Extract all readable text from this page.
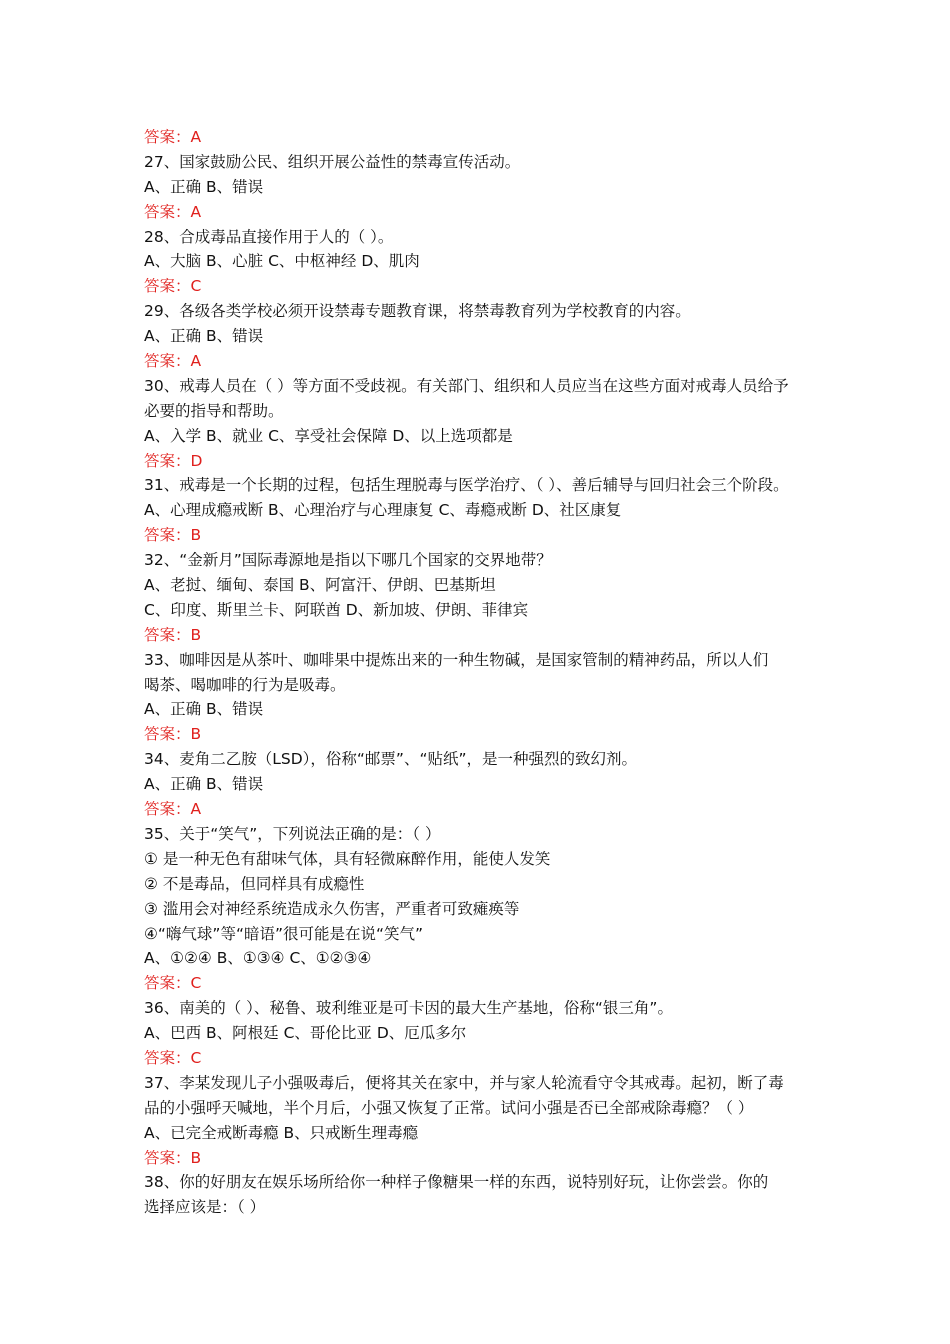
答案：A
27、国家鼓励公民、组织开展公益性的禁毒宣传活动。
A、正确 B、错误
答案：A
28、合成毒品直接作用于人的（ ）。
A、大脑 B、心脏 C、中枢神经 D、肌肉
答案：C
29、各级各类学校必须开设禁毒专题教育课，将禁毒教育列为学校教育的内容。
A、正确 B、错误
答案：A
30、戒毒人员在（ ）等方面不受歧视。有关部门、组织和人员应当在这些方面对戒毒人员给予
必要的指导和帮助。
A、入学 B、就业 C、享受社会保障 D、以上选项都是
答案：D
31、戒毒是一个长期的过程，包括生理脱毒与医学治疗、（ ）、善后辅导与回归社会三个阶段。
A、心理成瘾戒断 B、心理治疗与心理康复 C、毒瘾戒断 D、社区康复
答案：B
32、“金新月”国际毒源地是指以下哪几个国家的交界地带？
A、老挝、缅甸、泰国 B、阿富汗、伊朗、巴基斯坦
C、印度、斯里兰卡、阿联酋 D、新加坡、伊朗、菲律宾
答案：B
33、咖啡因是从茶叶、咖啡果中提炼出来的一种生物碱，是国家管制的精神药品，所以人们
喝茶、喝咖啡的行为是吸毒。
A、正确 B、错误
答案：B
34、麦角二乙胺（LSD），俗称“邮票”、“贴纸”，是一种强烈的致幻剂。
A、正确 B、错误
答案：A
35、关于“笑气”，下列说法正确的是：（ ）
① 是一种无色有甜味气体，具有轻微麻醉作用，能使人发笑
② 不是毒品，但同样具有成瘾性
③ 滥用会对神经系统造成永久伤害，严重者可致瘫痪等
④“嗨气球”等“暗语”很可能是在说“笑气”
A、①②④ B、①③④ C、①②③④
答案：C
36、南美的（ ）、秘鲁、玻利维亚是可卡因的最大生产基地，俗称“银三角”。
A、巴西 B、阿根廷 C、哥伦比亚 D、厄瓜多尔
答案：C
37、李某发现儿子小强吸毒后，便将其关在家中，并与家人轮流看守令其戒毒。起初，断了毒
品的小强呼天喊地，半个月后，小强又恢复了正常。试问小强是否已全部戒除毒瘾？（ ）
A、已完全戒断毒瘾 B、只戒断生理毒瘾
答案：B
38、你的好朋友在娱乐场所给你一种样子像糖果一样的东西，说特别好玩，让你尝尝。你的
选择应该是：（ ）
